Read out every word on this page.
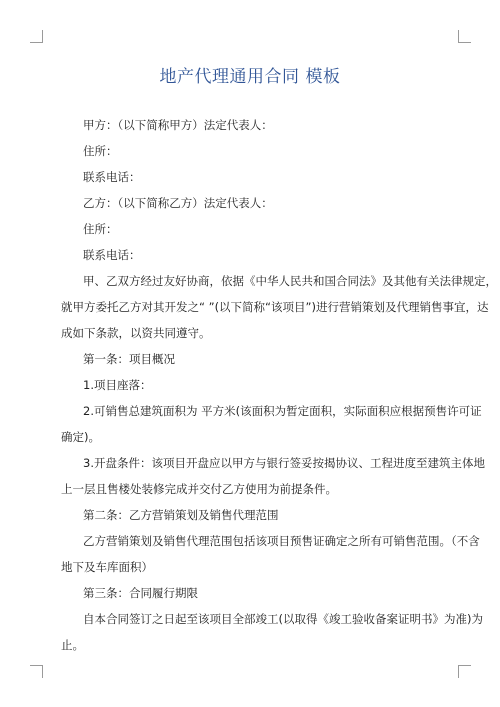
地产代理通用合同 模板
甲方：（以下简称甲方）法定代表人：
住所：
联系电话：
乙方：（以下简称乙方）法定代表人：
住所：
联系电话：
甲、乙双方经过友好协商，依据《中华人民共和国合同法》及其他有关法律规定，
就甲方委托乙方对其开发之“ ”(以下简称“该项目”)进行营销策划及代理销售事宜，达
成如下条款，以资共同遵守。
第一条：项目概况
1.项目座落：
2.可销售总建筑面积为 平方米(该面积为暂定面积，实际面积应根据预售许可证
确定)。
3.开盘条件：该项目开盘应以甲方与银行签妥按揭协议、工程进度至建筑主体地
上一层且售楼处装修完成并交付乙方使用为前提条件。
第二条：乙方营销策划及销售代理范围
乙方营销策划及销售代理范围包括该项目预售证确定之所有可销售范围。（不含
地下及车库面积）
第三条：合同履行期限
自本合同签订之日起至该项目全部竣工(以取得《竣工验收备案证明书》为准)为
止。
